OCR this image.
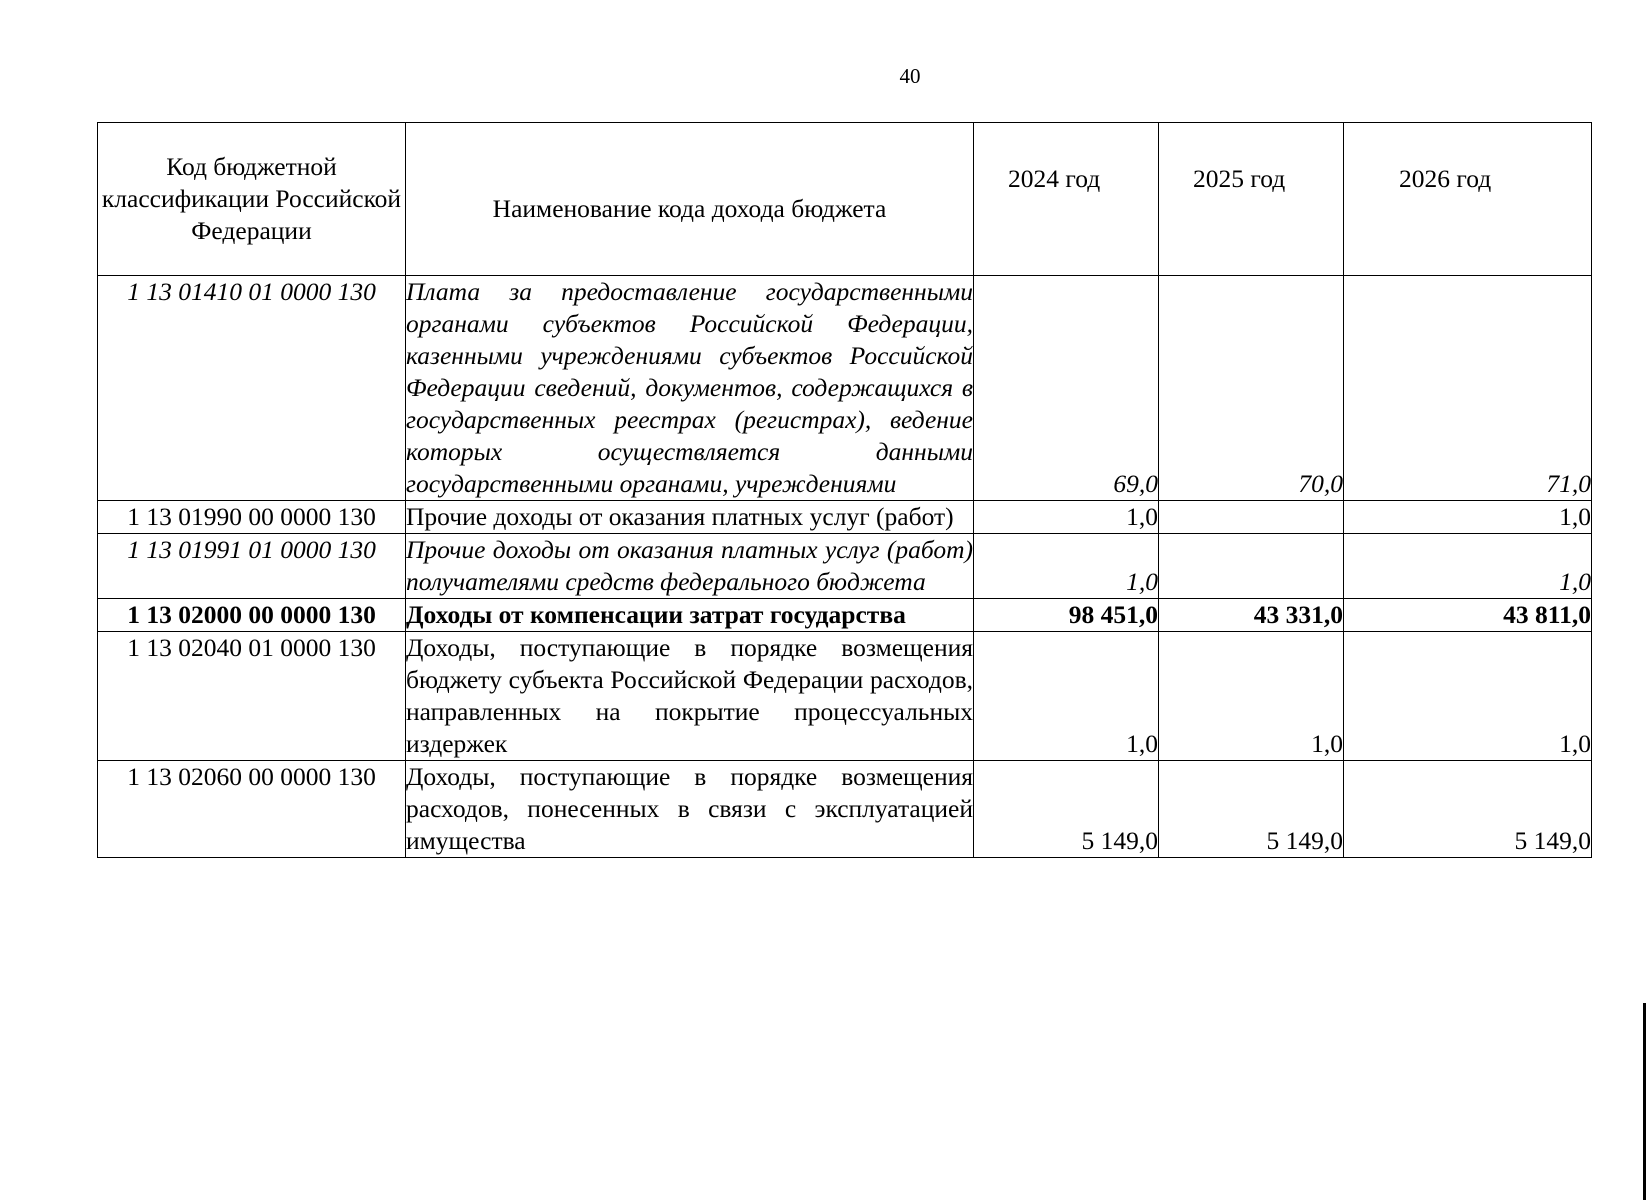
40
Код бюджетной классификации Российской Федерации	Наименование кода дохода бюджета	2024 год	2025 год	2026 год
1 13 01410 01 0000 130	Плата за предоставление государственными органами субъектов Российской Федерации, казенными учреждениями субъектов Российской Федерации сведений, документов, содержащихся в государственных реестрах (регистрах), ведение которых осуществляется данными государственными органами, учреждениями	69,0	70,0	71,0
1 13 01990 00 0000 130	Прочие доходы от оказания платных услуг (работ)	1,0		1,0
1 13 01991 01 0000 130	Прочие доходы от оказания платных услуг (работ) получателями средств федерального бюджета	1,0		1,0
1 13 02000 00 0000 130	Доходы от компенсации затрат государства	98 451,0	43 331,0	43 811,0
1 13 02040 01 0000 130	Доходы, поступающие в порядке возмещения бюджету субъекта Российской Федерации расходов, направленных на покрытие процессуальных издержек	1,0	1,0	1,0
1 13 02060 00 0000 130	Доходы, поступающие в порядке возмещения расходов, понесенных в связи с эксплуатацией имущества	5 149,0	5 149,0	5 149,0
